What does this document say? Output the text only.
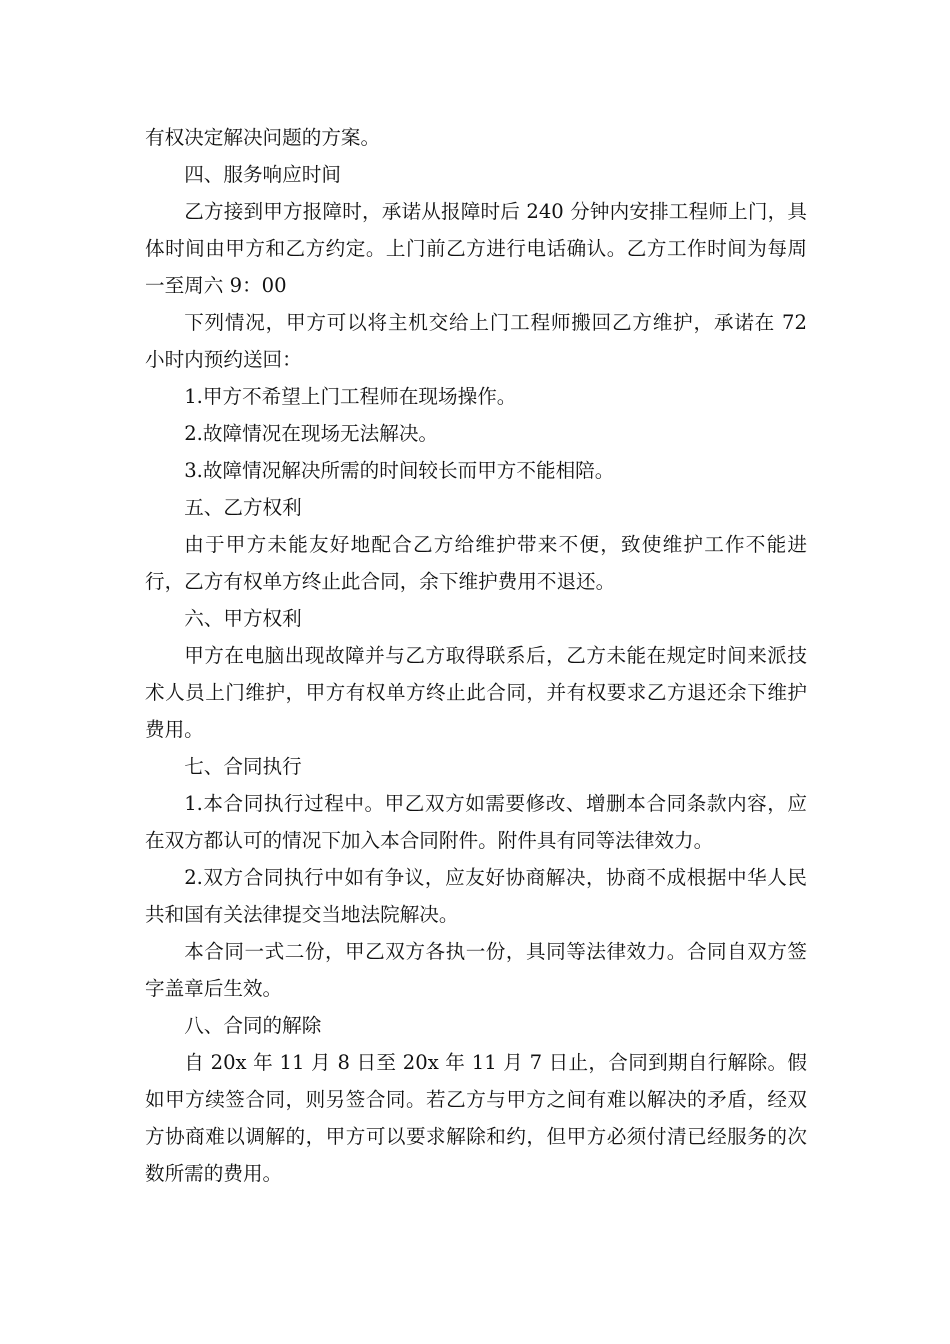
有权决定解决问题的方案。

四、服务响应时间

乙方接到甲方报障时，承诺从报障时后 240 分钟内安排工程师上门，具体时间由甲方和乙方约定。上门前乙方进行电话确认。乙方工作时间为每周一至周六 9：00

下列情况，甲方可以将主机交给上门工程师搬回乙方维护，承诺在 72 小时内预约送回：

1.甲方不希望上门工程师在现场操作。

2.故障情况在现场无法解决。

3.故障情况解决所需的时间较长而甲方不能相陪。

五、乙方权利

由于甲方未能友好地配合乙方给维护带来不便，致使维护工作不能进行，乙方有权单方终止此合同，余下维护费用不退还。

六、甲方权利

甲方在电脑出现故障并与乙方取得联系后，乙方未能在规定时间来派技术人员上门维护，甲方有权单方终止此合同，并有权要求乙方退还余下维护费用。

七、合同执行

1.本合同执行过程中。甲乙双方如需要修改、增删本合同条款内容，应在双方都认可的情况下加入本合同附件。附件具有同等法律效力。

2.双方合同执行中如有争议，应友好协商解决，协商不成根据中华人民共和国有关法律提交当地法院解决。

本合同一式二份，甲乙双方各执一份，具同等法律效力。合同自双方签字盖章后生效。

八、合同的解除

自 20x 年 11 月 8 日至 20x 年 11 月 7 日止，合同到期自行解除。假如甲方续签合同，则另签合同。若乙方与甲方之间有难以解决的矛盾，经双方协商难以调解的，甲方可以要求解除和约，但甲方必须付清已经服务的次数所需的费用。
